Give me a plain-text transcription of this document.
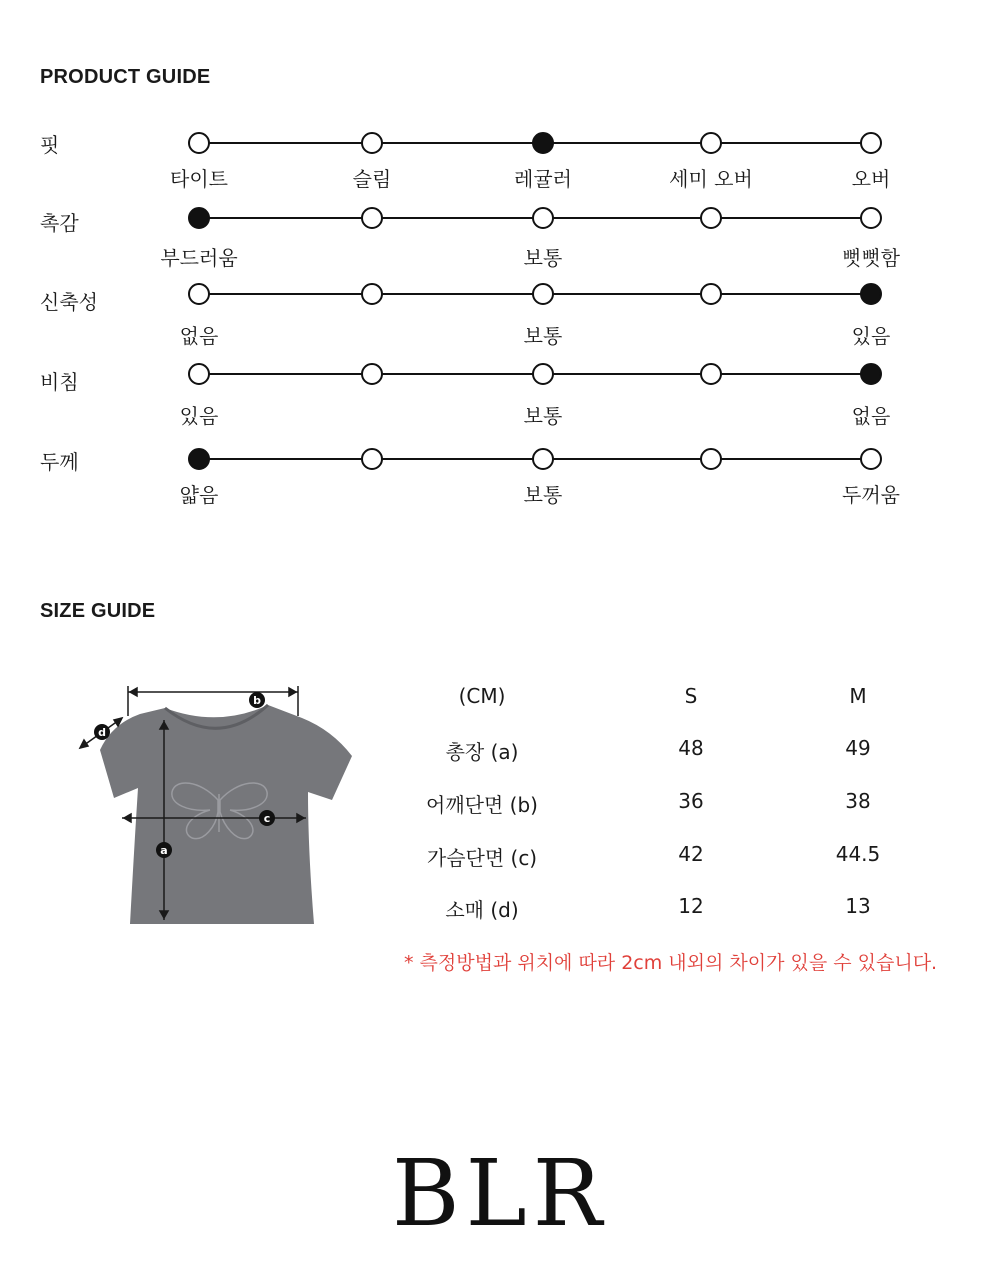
PRODUCT GUIDE
핏
타이트	슬림	레귤러	세미 오버	오버
촉감
부드러움	보통	뻣뻣함
신축성
없음	보통	있음
비침
있음	보통	없음
두께
얇음	보통	두꺼움
SIZE GUIDE
b
d
c
a
(CM)	S	M
총장 (a)	48	49
어깨단면 (b)	36	38
가슴단면 (c)	42	44.5
소매 (d)	12	13
* 측정방법과 위치에 따라 2cm 내외의 차이가 있을 수 있습니다.
BLR
